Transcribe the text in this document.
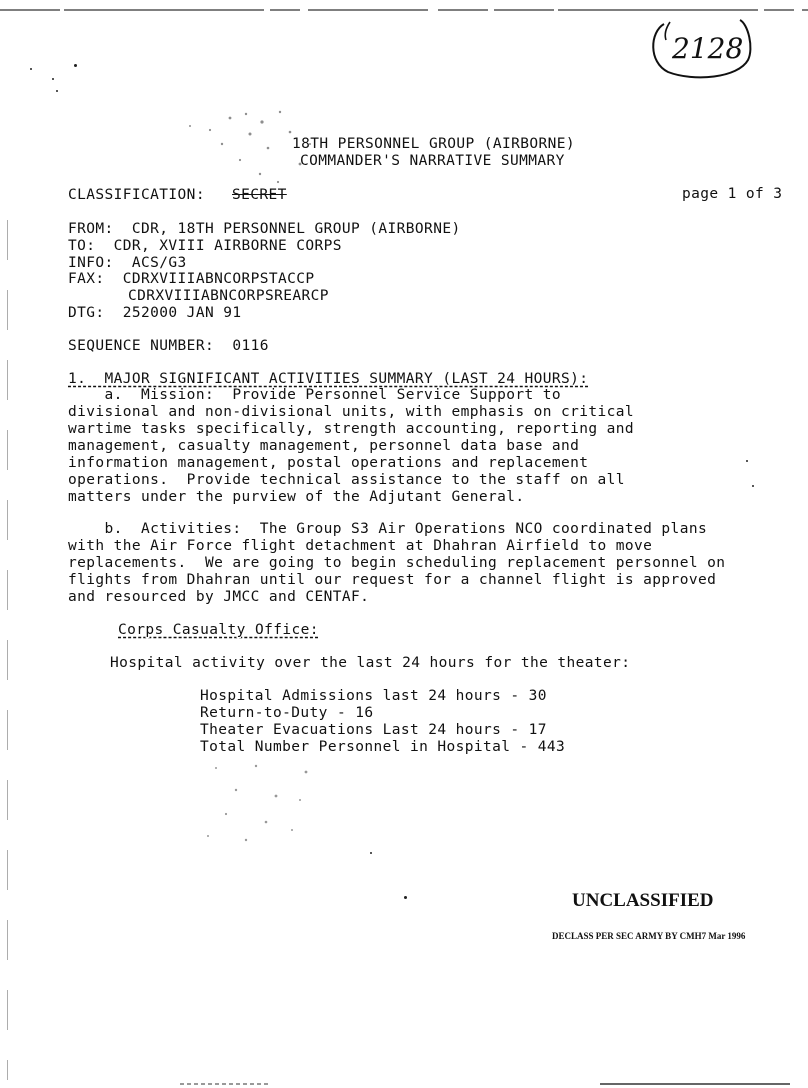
2128
18TH PERSONNEL GROUP (AIRBORNE)
COMMANDER'S NARRATIVE SUMMARY
CLASSIFICATION: SECRET	page 1 of 3
FROM:  CDR, 18TH PERSONNEL GROUP (AIRBORNE)
TO:  CDR, XVIII AIRBORNE CORPS
INFO:  ACS/G3
FAX:  CDRXVIIIABNCORPSTACCP
CDRXVIIIABNCORPSREARCP
DTG:  252000 JAN 91
SEQUENCE NUMBER:  0116
1.  MAJOR SIGNIFICANT ACTIVITIES SUMMARY (LAST 24 HOURS):
a.  Mission:  Provide Personnel Service Support to
divisional and non-divisional units, with emphasis on critical
wartime tasks specifically, strength accounting, reporting and
management, casualty management, personnel data base and
information management, postal operations and replacement
operations.  Provide technical assistance to the staff on all
matters under the purview of the Adjutant General.
b.  Activities:  The Group S3 Air Operations NCO coordinated plans
with the Air Force flight detachment at Dhahran Airfield to move
replacements.  We are going to begin scheduling replacement personnel on
flights from Dhahran until our request for a channel flight is approved
and resourced by JMCC and CENTAF.
Corps Casualty Office:
Hospital activity over the last 24 hours for the theater:
Hospital Admissions last 24 hours - 30
Return-to-Duty - 16
Theater Evacuations Last 24 hours - 17
Total Number Personnel in Hospital - 443
UNCLASSIFIED
DECLASS PER SEC ARMY BY CMH7 Mar 1996
